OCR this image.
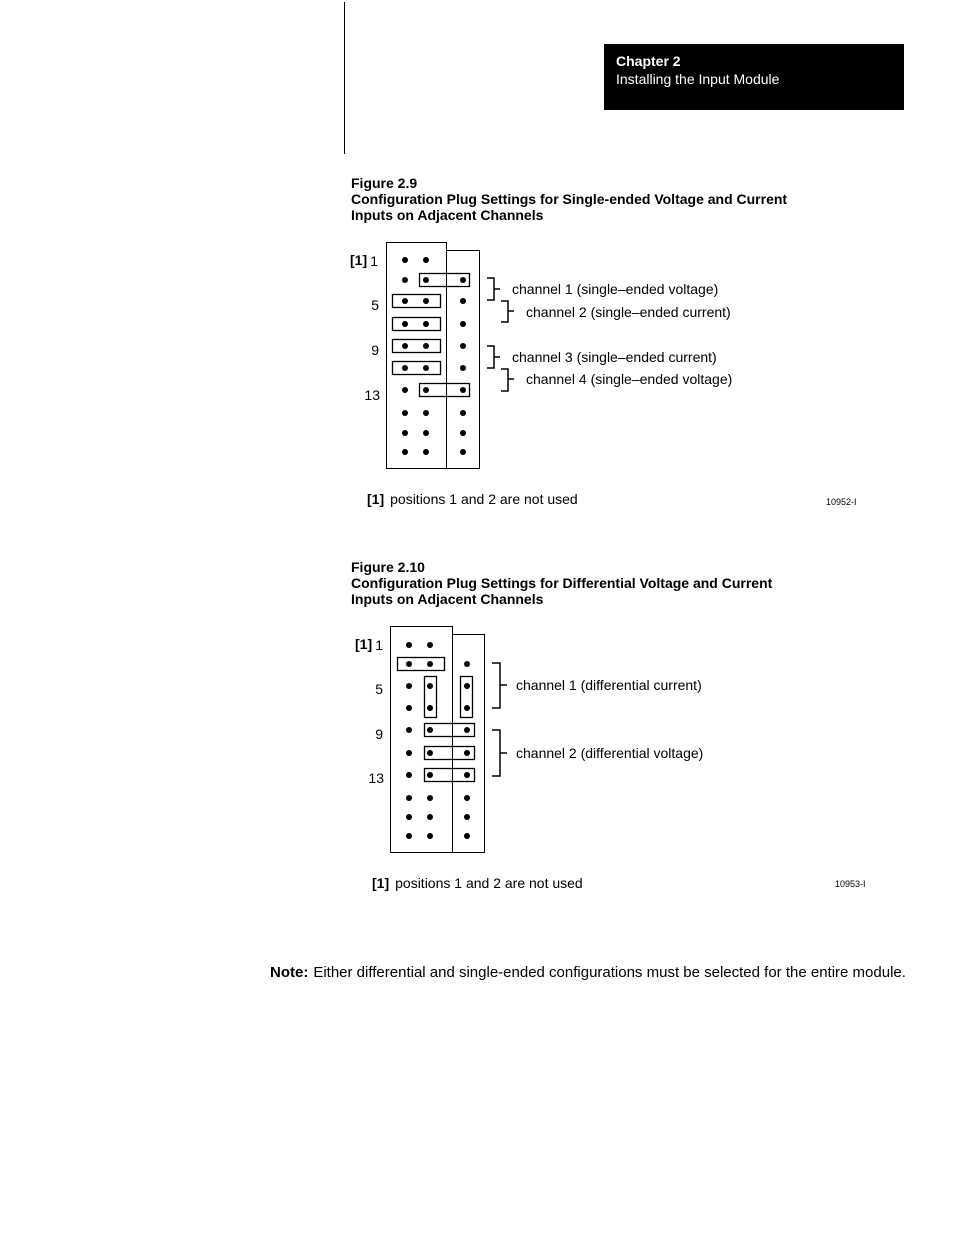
Chapter 2
Installing the Input Module
Figure 2.9
Configuration Plug Settings for Single-ended Voltage and Current Inputs on Adjacent Channels
[1] 1
5
9
13
channel 1 (single–ended voltage)
channel 2 (single–ended current)
channel 3 (single–ended current)
channel 4 (single–ended voltage)
[1] positions 1 and 2 are not used	10952-I
Figure 2.10
Configuration Plug Settings for Differential Voltage and Current Inputs on Adjacent Channels
[1] 1
5
9
13
channel 1 (differential current)
channel 2 (differential voltage)
[1] positions 1 and 2 are not used	10953-I
Note: Either differential and single-ended configurations must be selected for the entire module.
